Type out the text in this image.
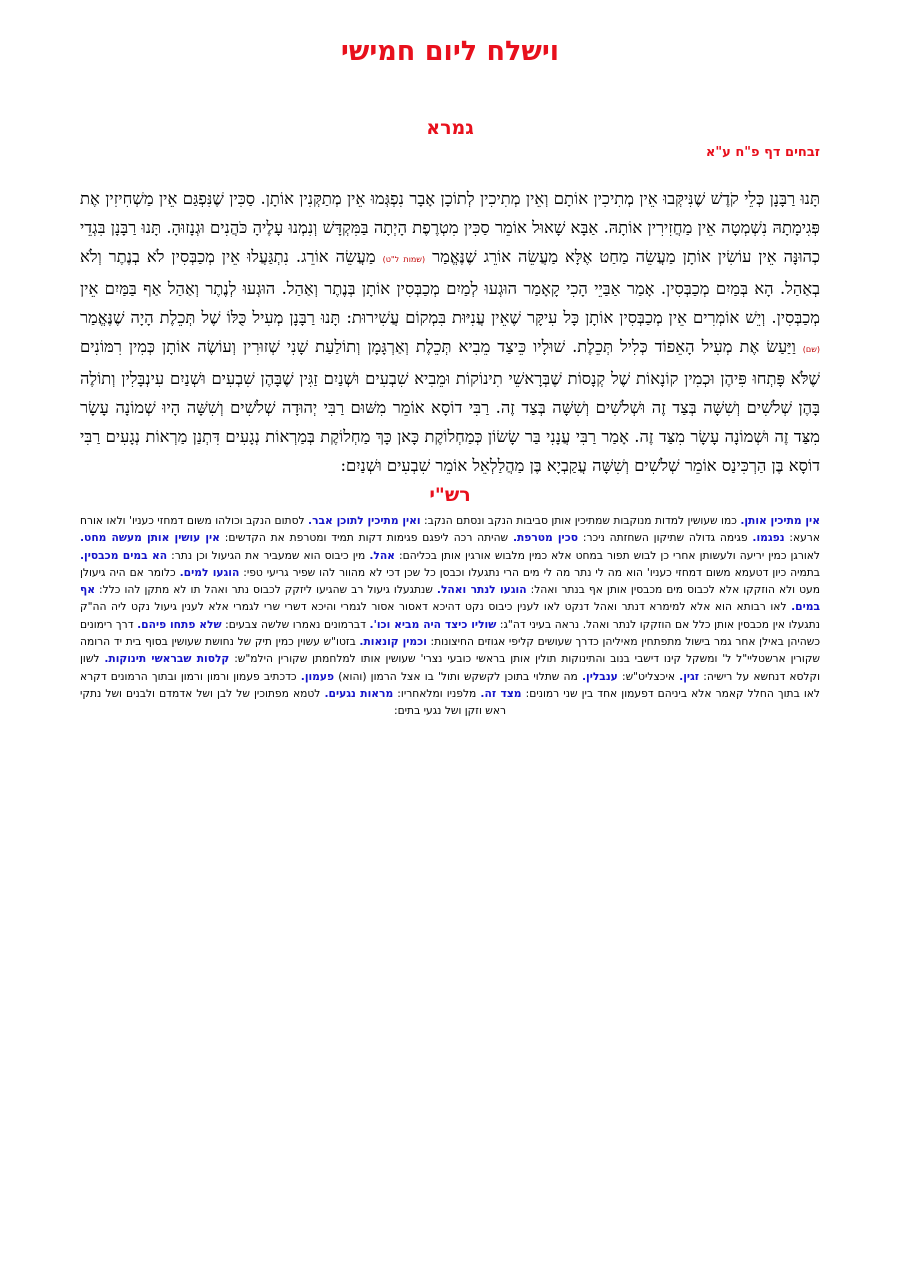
וישלח ליום חמישי
גמרא
זבחים דף פ"ח ע"א

תָּנוּ רַבָּנָן כְּלֵי קֹדֶשׁ שֶׁנִּיקְּבוּ אֵין מְתִיכִין אוֹתָם וְאֵין מְתִיכִין לְתוֹכָן אָבָר נִפְגְּמוּ אֵין מְתַקְּנִין אוֹתָן. סַכִּין שֶׁנִּפְגַּם אֵין מַשְׁחִיזִין אֶת פְּגִימָתָהּ נִשְׁמְטָה אֵין מַחֲזִירִין אוֹתָהּ. אַבָּא שָׁאוּל אוֹמֵר סַכִּין מִטְרֶפֶת הָיְתָה בַּמִּקְדָּשׁ וְנִמְנוּ עָלֶיהָ כֹּהֲנִים וּגְנָזוּהָ. תָּנוּ רַבָּנָן בִּגְדֵי כְהוּנָּה אֵין עוֹשִׂין אוֹתָן מַעֲשֵׂה מַחַט אֶלָּא מַעֲשֵׂה אוֹרֵג שֶׁנֶּאֱמַר (שמות ל"ט) מַעֲשֵׂה אוֹרֵג. נִתְגַּעֲלוּ אֵין מְכַבְּסִין לֹא בְנֶתֶר וְלֹא בְאַהַל. הָא בְּמַיִם מְכַבְּסִין. אָמַר אַבַּיֵי הָכִי קָאָמַר הוּגְעוּ לְמַיִם מְכַבְּסִין אוֹתָן בְּנֶתֶר וְאַהַל. הוּגְעוּ לְנֶתֶר וְאַהַל אַף בַּמַּיִם אֵין מְכַבְּסִין. וְיֵשׁ אוֹמְרִים אֵין מְכַבְּסִין אוֹתָן כָּל עִיקָּר שֶׁאֵין עֲנִיּוּת בִּמְקוֹם עֲשִׁירוּת: תָּנוּ רַבָּנָן מְעִיל כֻּלּוֹ שֶׁל תְּכֵלֶת הָיָה שֶׁנֶּאֱמַר (שם) וַיַּעַשׂ אֶת מְעִיל הָאֵפוֹד כְּלִיל תְּכֵלֶת. שׁוּלָיו כֵּיצַד מֵבִיא תְּכֵלֶת וְאַרְגָּמָן וְתוֹלַעַת שָׁנִי שְׁזוּרִין וְעוֹשֶׂה אוֹתָן כְּמִין רִמּוֹנִים שֶׁלֹּא פָּתְחוּ פִּיהֶן וּכְמִין קוֹנָאוֹת שֶׁל קְנָסוֹת שֶׁבְּרָאשֵׁי תִינוֹקוֹת וּמֵבִיא שִׁבְעִים וּשְׁנַיִם זַגִּין שֶׁבָּהֶן שִׁבְעִים וּשְׁנַיִם עִינְבָּלִין וְתוֹלֶה בָּהֶן שְׁלֹשִׁים וְשִׁשָּׁה בְּצַד זֶה וּשְׁלֹשִׁים וְשִׁשָּׁה בְּצַד זֶה. רַבִּי דוֹסָא אוֹמֵר מִשּׁוּם רַבִּי יְהוּדָה שְׁלֹשִׁים וְשִׁשָּׁה הָיוּ שְׁמוֹנָה עָשָׂר מִצַּד זֶה וּשְׁמוֹנָה עָשָׂר מִצַּד זֶה. אָמַר רַבִּי עֲנָנִי בַּר שָׂשׂוֹן כְּמַחְלוֹקֶת כָּאן כָּךְ מַחְלוֹקֶת בְּמַרְאוֹת נְגָעִים דִּתְנַן מַרְאוֹת נְגָעִים רַבִּי דוֹסָא בֶּן הַרְכִּינַס אוֹמֵר שְׁלֹשִׁים וְשִׁשָּׁה עֲקַבְיָא בֶּן מַהֲלַלְאֵל אוֹמֵר שִׁבְעִים וּשְׁנַיִם:

רש"י

אין מתיכין אותן. כמו שעושין למדות מנוקבות שמתיכין אותן סביבות הנקב ונסתם הנקב: ואין מתיכין לתוכן אבר. לסתום הנקב וכולהו משום דמחזי כעניו' ולאו אורח ארעא: נפגמו. פגימה גדולה שתיקון השחזתה ניכר: סכין מטרפת. שהיתה רכה ליפגם פגימות דקות תמיד ומטרפת את הקדשים: אין עושין אותן מעשה מחט. לאורגן כמין יריעה ולעשותן אחרי כן לבוש תפור במחט אלא כמין מלבוש אורגין אותן בכליהם: אהל. מין כיבוס הוא שמעביר את הגיעול וכן נתר: הא במים מכבסין. בתמיה כיון דטעמא משום דמחזי כעניו' הוא מה לי נתר מה לי מים הרי נתגעלו וכבסן כל שכן דכי לא מהוור להו שפיר גריעי טפי: הוגעו למים. כלומר אם היה גיעולן מעט ולא הוזקקו אלא לכבוס מים מכבסין אותן אף בנתר ואהל: הוגעו לנתר ואהל. שנתגעלו גיעול רב שהגיעו ליזקק לכבוס נתר ואהל תו לא מתקן להו כלל: אף במים. לאו רבותא הוא אלא למימרא דנתר ואהל דנקט לאו לענין כיבוס נקט דהיכא דאסור אסור לגמרי והיכא דשרי שרי לגמרי אלא לענין גיעול נקט ליה הה"ק נתגעלו אין מכבסין אותן כלל אם הוזקקו לנתר ואהל. נראה בעיני דה"ג: שוליו כיצד היה מביא וכו'. דברמונים נאמרו שלשה צבעים: שלא פתחו פיהם. דרך רימונים כשהיהן באילן אחר גמר בישול מתפתחין מאיליהן כדרך שעושים קליפי אגוזים החיצונות: וכמין קונאות. בזטו"ש עשוין כמין תיק של נחושת שעושין בסוף בית יד הרומה שקורין ארשטליי"ל ל' ומשקל קינו דישבי בנוב והתינוקות תולין אותן בראשי כובעי נצרי' שעושין אותו למלחמתן שקורין הילמ"ש: קלסות שבראשי תינוקות. לשון וקלסא דנחשא על רישיה: זגין. איכצליט"ש: ענבלין. מה שתלוי בתוכן לקשקש ותול' בו אצל הרמון (והוא) פעמון. כדכתיב פעמון ורמון ורמון ובתוך הרמונים דקרא לאו בתוך החלל קאמר אלא ביניהם דפעמון אחד בין שני רמונים: מצד זה. מלפניו ומלאחריו: מראות נגעים. לטמא מפתוכין של לבן ושל אדמדם ולבנים ושל נתקי ראש וזקן ושל נגעי בתים:
